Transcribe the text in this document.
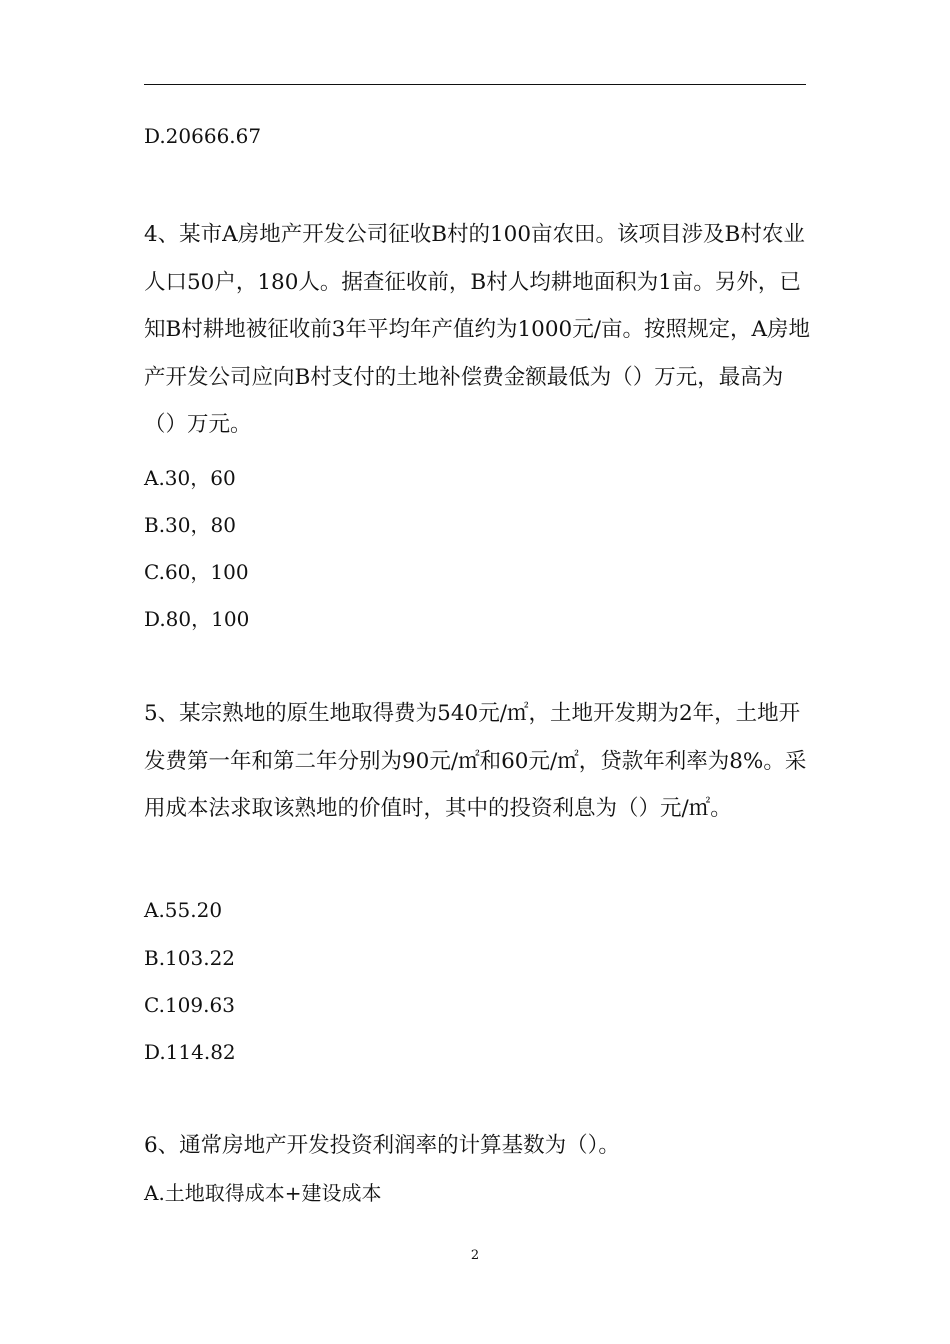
D.20666.67
4、某市A房地产开发公司征收B村的100亩农田。该项目涉及B村农业人口50户，180人。据查征收前，B村人均耕地面积为1亩。另外，已知B村耕地被征收前3年平均年产值约为1000元/亩。按照规定，A房地产开发公司应向B村支付的土地补偿费金额最低为（）万元，最高为（）万元。
A.30，60
B.30，80
C.60，100
D.80，100
5、某宗熟地的原生地取得费为540元/㎡，土地开发期为2年，土地开发费第一年和第二年分别为90元/㎡和60元/㎡，贷款年利率为8%。采用成本法求取该熟地的价值时，其中的投资利息为（）元/㎡。
A.55.20
B.103.22
C.109.63
D.114.82
6、通常房地产开发投资利润率的计算基数为（）。
A.土地取得成本+建设成本
2
